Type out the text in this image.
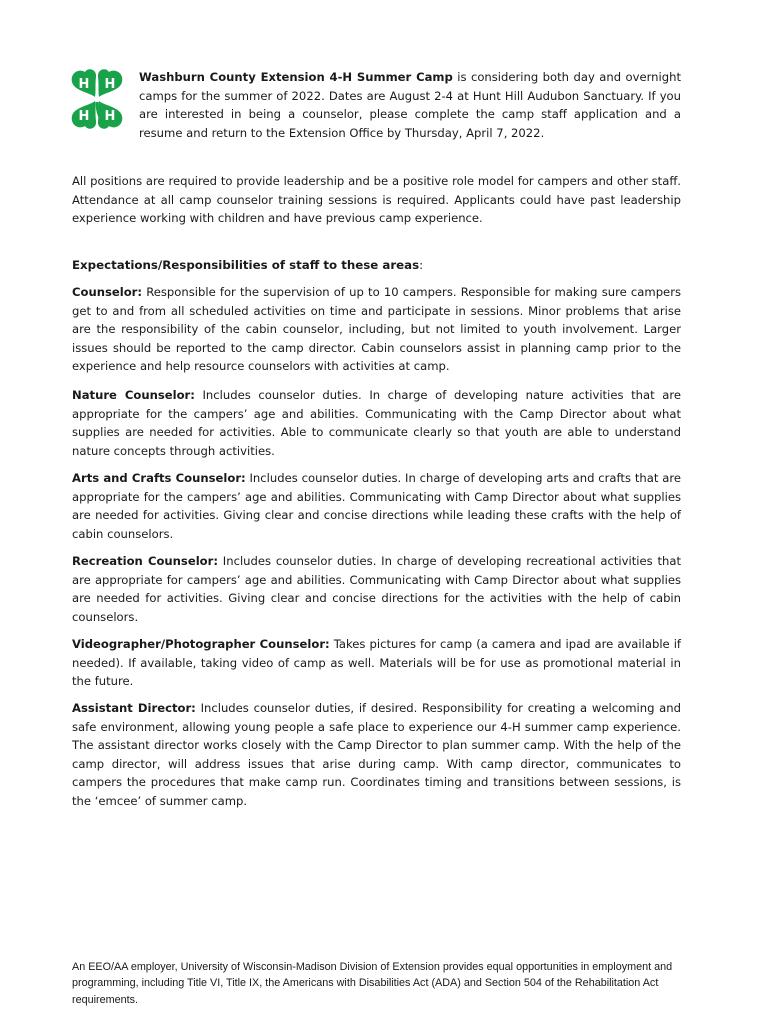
H H
H H

Washburn County Extension 4-H Summer Camp is considering both day and overnight camps for the summer of 2022. Dates are August 2-4 at Hunt Hill Audubon Sanctuary. If you are interested in being a counselor, please complete the camp staff application and a resume and return to the Extension Office by Thursday, April 7, 2022.

All positions are required to provide leadership and be a positive role model for campers and other staff. Attendance at all camp counselor training sessions is required. Applicants could have past leadership experience working with children and have previous camp experience.

Expectations/Responsibilities of staff to these areas:

Counselor: Responsible for the supervision of up to 10 campers. Responsible for making sure campers get to and from all scheduled activities on time and participate in sessions. Minor problems that arise are the responsibility of the cabin counselor, including, but not limited to youth involvement. Larger issues should be reported to the camp director. Cabin counselors assist in planning camp prior to the experience and help resource counselors with activities at camp.

Nature Counselor: Includes counselor duties. In charge of developing nature activities that are appropriate for the campers’ age and abilities. Communicating with the Camp Director about what supplies are needed for activities. Able to communicate clearly so that youth are able to understand nature concepts through activities.

Arts and Crafts Counselor: Includes counselor duties. In charge of developing arts and crafts that are appropriate for the campers’ age and abilities. Communicating with Camp Director about what supplies are needed for activities. Giving clear and concise directions while leading these crafts with the help of cabin counselors.

Recreation Counselor: Includes counselor duties. In charge of developing recreational activities that are appropriate for campers’ age and abilities. Communicating with Camp Director about what supplies are needed for activities. Giving clear and concise directions for the activities with the help of cabin counselors.

Videographer/Photographer Counselor: Takes pictures for camp (a camera and ipad are available if needed). If available, taking video of camp as well. Materials will be for use as promotional material in the future.

Assistant Director: Includes counselor duties, if desired. Responsibility for creating a welcoming and safe environment, allowing young people a safe place to experience our 4-H summer camp experience. The assistant director works closely with the Camp Director to plan summer camp. With the help of the camp director, will address issues that arise during camp. With camp director, communicates to campers the procedures that make camp run. Coordinates timing and transitions between sessions, is the ‘emcee’ of summer camp.

An EEO/AA employer, University of Wisconsin-Madison Division of Extension provides equal opportunities in employment and programming, including Title VI, Title IX, the Americans with Disabilities Act (ADA) and Section 504 of the Rehabilitation Act requirements.
